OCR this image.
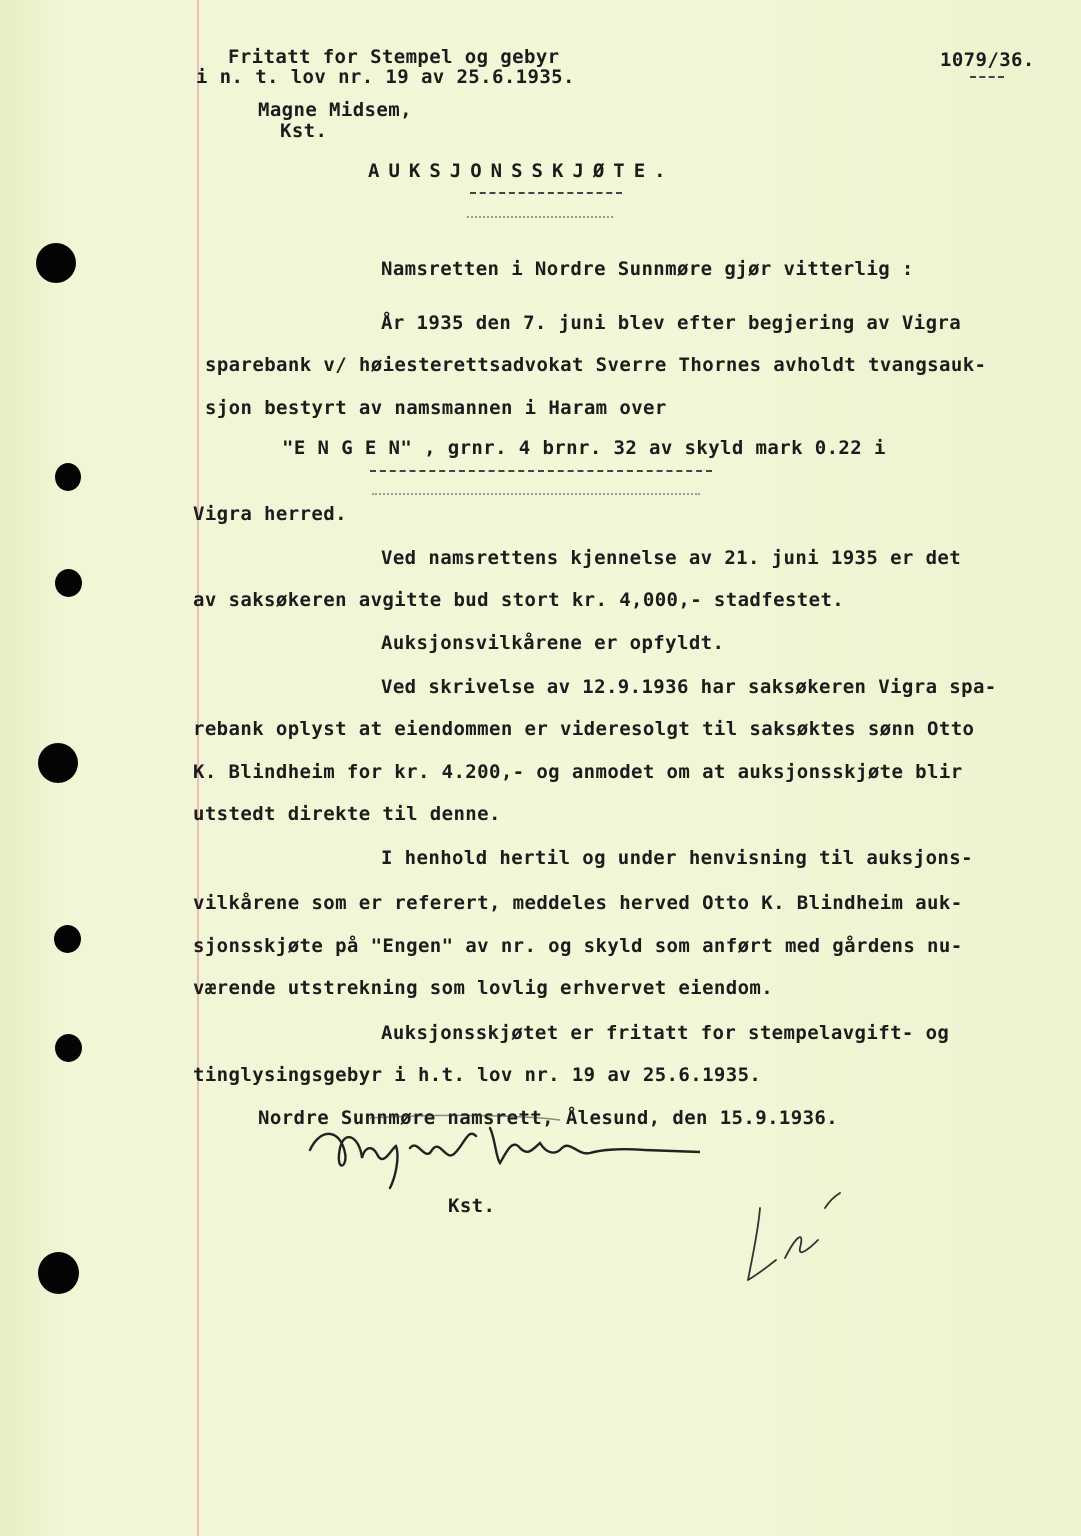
Fritatt for Stempel og gebyr
i n. t. lov nr. 19 av 25.6.1935.
Magne Midsem,
Kst.
1079/36.
AUKSJONSSKJØTE.
Namsretten i Nordre Sunnmøre gjør vitterlig :
År 1935 den 7. juni blev efter begjering av Vigra
sparebank v/ høiesterettsadvokat Sverre Thornes avholdt tvangsauk-
sjon bestyrt av namsmannen i Haram over
"E N G E N" , grnr. 4 brnr. 32 av skyld mark 0.22 i
Vigra herred.
Ved namsrettens kjennelse av 21. juni 1935 er det
av saksøkeren avgitte bud stort kr. 4,000,- stadfestet.
Auksjonsvilkårene er opfyldt.
Ved skrivelse av 12.9.1936 har saksøkeren Vigra spa-
rebank oplyst at eiendommen er videresolgt til saksøktes sønn Otto
K. Blindheim for kr. 4.200,- og anmodet om at auksjonsskjøte blir
utstedt direkte til denne.
I henhold hertil og under henvisning til auksjons-
vilkårene som er referert, meddeles herved Otto K. Blindheim auk-
sjonsskjøte på "Engen" av nr. og skyld som anført med gårdens nu-
værende utstrekning som lovlig erhvervet eiendom.
Auksjonsskjøtet er fritatt for stempelavgift- og
tinglysingsgebyr i h.t. lov nr. 19 av 25.6.1935.
Nordre Sunnmøre namsrett, Ålesund, den 15.9.1936.
Kst.
